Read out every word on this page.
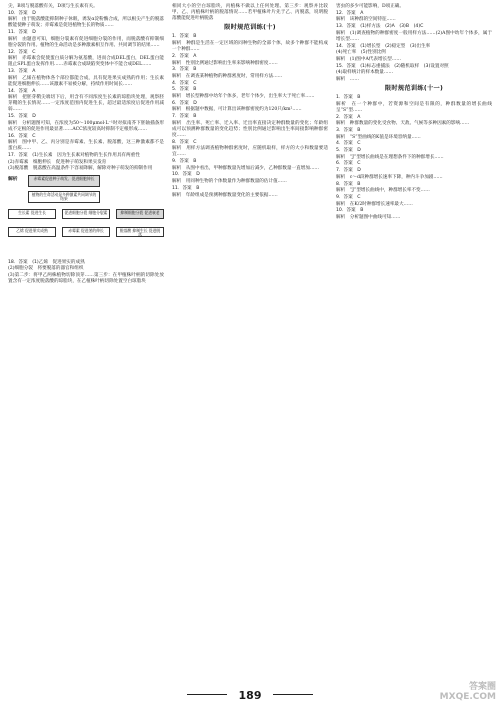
尖，B项与脱落酸有关，D项与生长素有关。

10．答案　D

解析　由于脱落酸能抑制种子休眠，诱发α淀粉酶合成，所以根尖产生的脱落酸能使种子萌发；赤霉素是促进植物生长的物质……

11．答案　D

解析　由题意可知，细胞分裂素有促进细胞分裂的作用，而脱落酸有抑制细胞分裂的作用。植物的生命活动是多种激素相互作用、共同调节的结果……

12．答案　C

解析　赤霉素会促使蛋白质分解为氨基酸，进而合成DEL蛋白，DEL蛋白能阻止SPL蛋白发挥作用……赤霉素合成缺陷突变体中不能合成DEL……

13．答案　A

解析　乙烯在植物体各个部位都能合成，具有促进果实成熟的作用；生长素能促进细胞伸长……该激素不易被分解，持续作用时间长……

14．答案　A

解析　把胚芽鞘尖端切下后，用含有不同浓度生长素的琼脂块处理，观察胚芽鞘的生长情况……一定浓度范围内促进生长，超过最适浓度后促进作用减弱……

15．答案　D

解析　分析题图可知，在浓度为50～100μmol·L⁻¹时对拟南芥下胚轴插条形成不定根的促进作用最显著……ACC浓度较高时抑制不定根形成……

16．答案　C

解析　图中甲、乙、丙分别是赤霉素、生长素、脱落酸，这三种激素都不是蛋白质……

17．答案　(1)生长素　因为生长素对植物的生长作用具有两重性

(2)赤霉素　细胞伸长　促进种子萌发和果实发育

(3)脱落酸　脱落酸在高温条件下容易降解，解除对种子萌发的抑制作用

解析	赤霉素促进种子萌发、促进细胞伸长
植物的生命活动是多种激素共同调节的结果
生长素 促进生长	促进细胞分裂 细胞分裂素	抑制细胞分裂 促进衰老
乙烯 促进果实成熟	赤霉素 促进茎的伸长	脱落酸 抑制生长 促进脱落

18．答案　(1)乙烯　促进果实的成熟

(2)细胞分裂　将要脱落的器官和组织

(3)第二步：将甲乙两株植物切除顶芽……第三步：在甲植株叶柄的切除处放置含有一定浓度脱落酸的琼脂块，在乙植株叶柄切除处置空白琼脂块

相同大小的空白琼脂块，丙植株不做以上任何处理。第三步：观察并比较甲、乙、丙植株叶柄的脱落情况……若甲植株叶片先于乙、丙脱落，说明脱落酸能促进叶柄脱落

限时规范训练(十)

1．答案　B

解析　种群是生活在一定区域的同种生物的全部个体，故多个种群不能构成一个种群……

2．答案　A

解析　性别比例通过影响出生率来影响种群密度……

3．答案　B

解析　在调查某种植物的种群密度时，常用样方法……

4．答案　C

5．答案　B

解析　增长型种群中幼年个体多，老年个体少，出生率大于死亡率……

6．答案　D

解析　根据题中数据，可计算出该种群密度约为120只/km²……

7．答案　B

解析　出生率、死亡率、迁入率、迁出率直接决定种群数量的变化；年龄组成可以预测种群数量的变化趋势；性别比例通过影响出生率间接影响种群密度……

8．答案　C

解析　用样方法调查植物种群密度时，应随机取样，样方的大小和数量要适宜……

9．答案　B

解析　从图中看出，甲种群数量先增加后减少，乙种群数量一直增加……

10．答案　D

解析　用同种生物的个体数量作为种群数量的估计值……

11．答案　B

解析　年龄组成是预测种群数量变化的主要依据……

害虫的多少可能影响，D项正确。

12．答案　A

解析　该种群的空间特征……

13．答案　(1)样方法　(2)A　(3)B　(4)C

解析　(1)调查植物的种群密度一般用样方法……(2)A图中幼年个体多，属于增长型……

14．答案　(1)增长型　(2)稳定型　(3)出生率

(4)死亡率　(5)性别比例

解析　(1)图中A代表增长型……

15．答案　(1)标志重捕法　(2)随机取样　(3)设置对照

(4)取样统计的样本数量……

解析　……

限时规范训练(十一)

1．答案　B

解析　在一个种群中，若资源和空间是有限的，种群数量的增长曲线呈“S”型……

2．答案　A

解析　种群数量的变化受食物、天敌、气候等多种因素的影响……

3．答案　B

解析　“S”型曲线的K值是环境容纳量……

4．答案　C

5．答案　D

解析　“J”型增长曲线是在理想条件下的种群增长……

6．答案　C

7．答案　D

解析　c～d段种群增长速率下降，种内斗争加剧……

8．答案　B

解析　“J”型增长曲线中，种群增长率不变……

9．答案　C

解析　在K/2时种群增长速率最大……

10．答案　B

解析　分析题图中曲线可知……

189
答案圈
MXQE.COM
